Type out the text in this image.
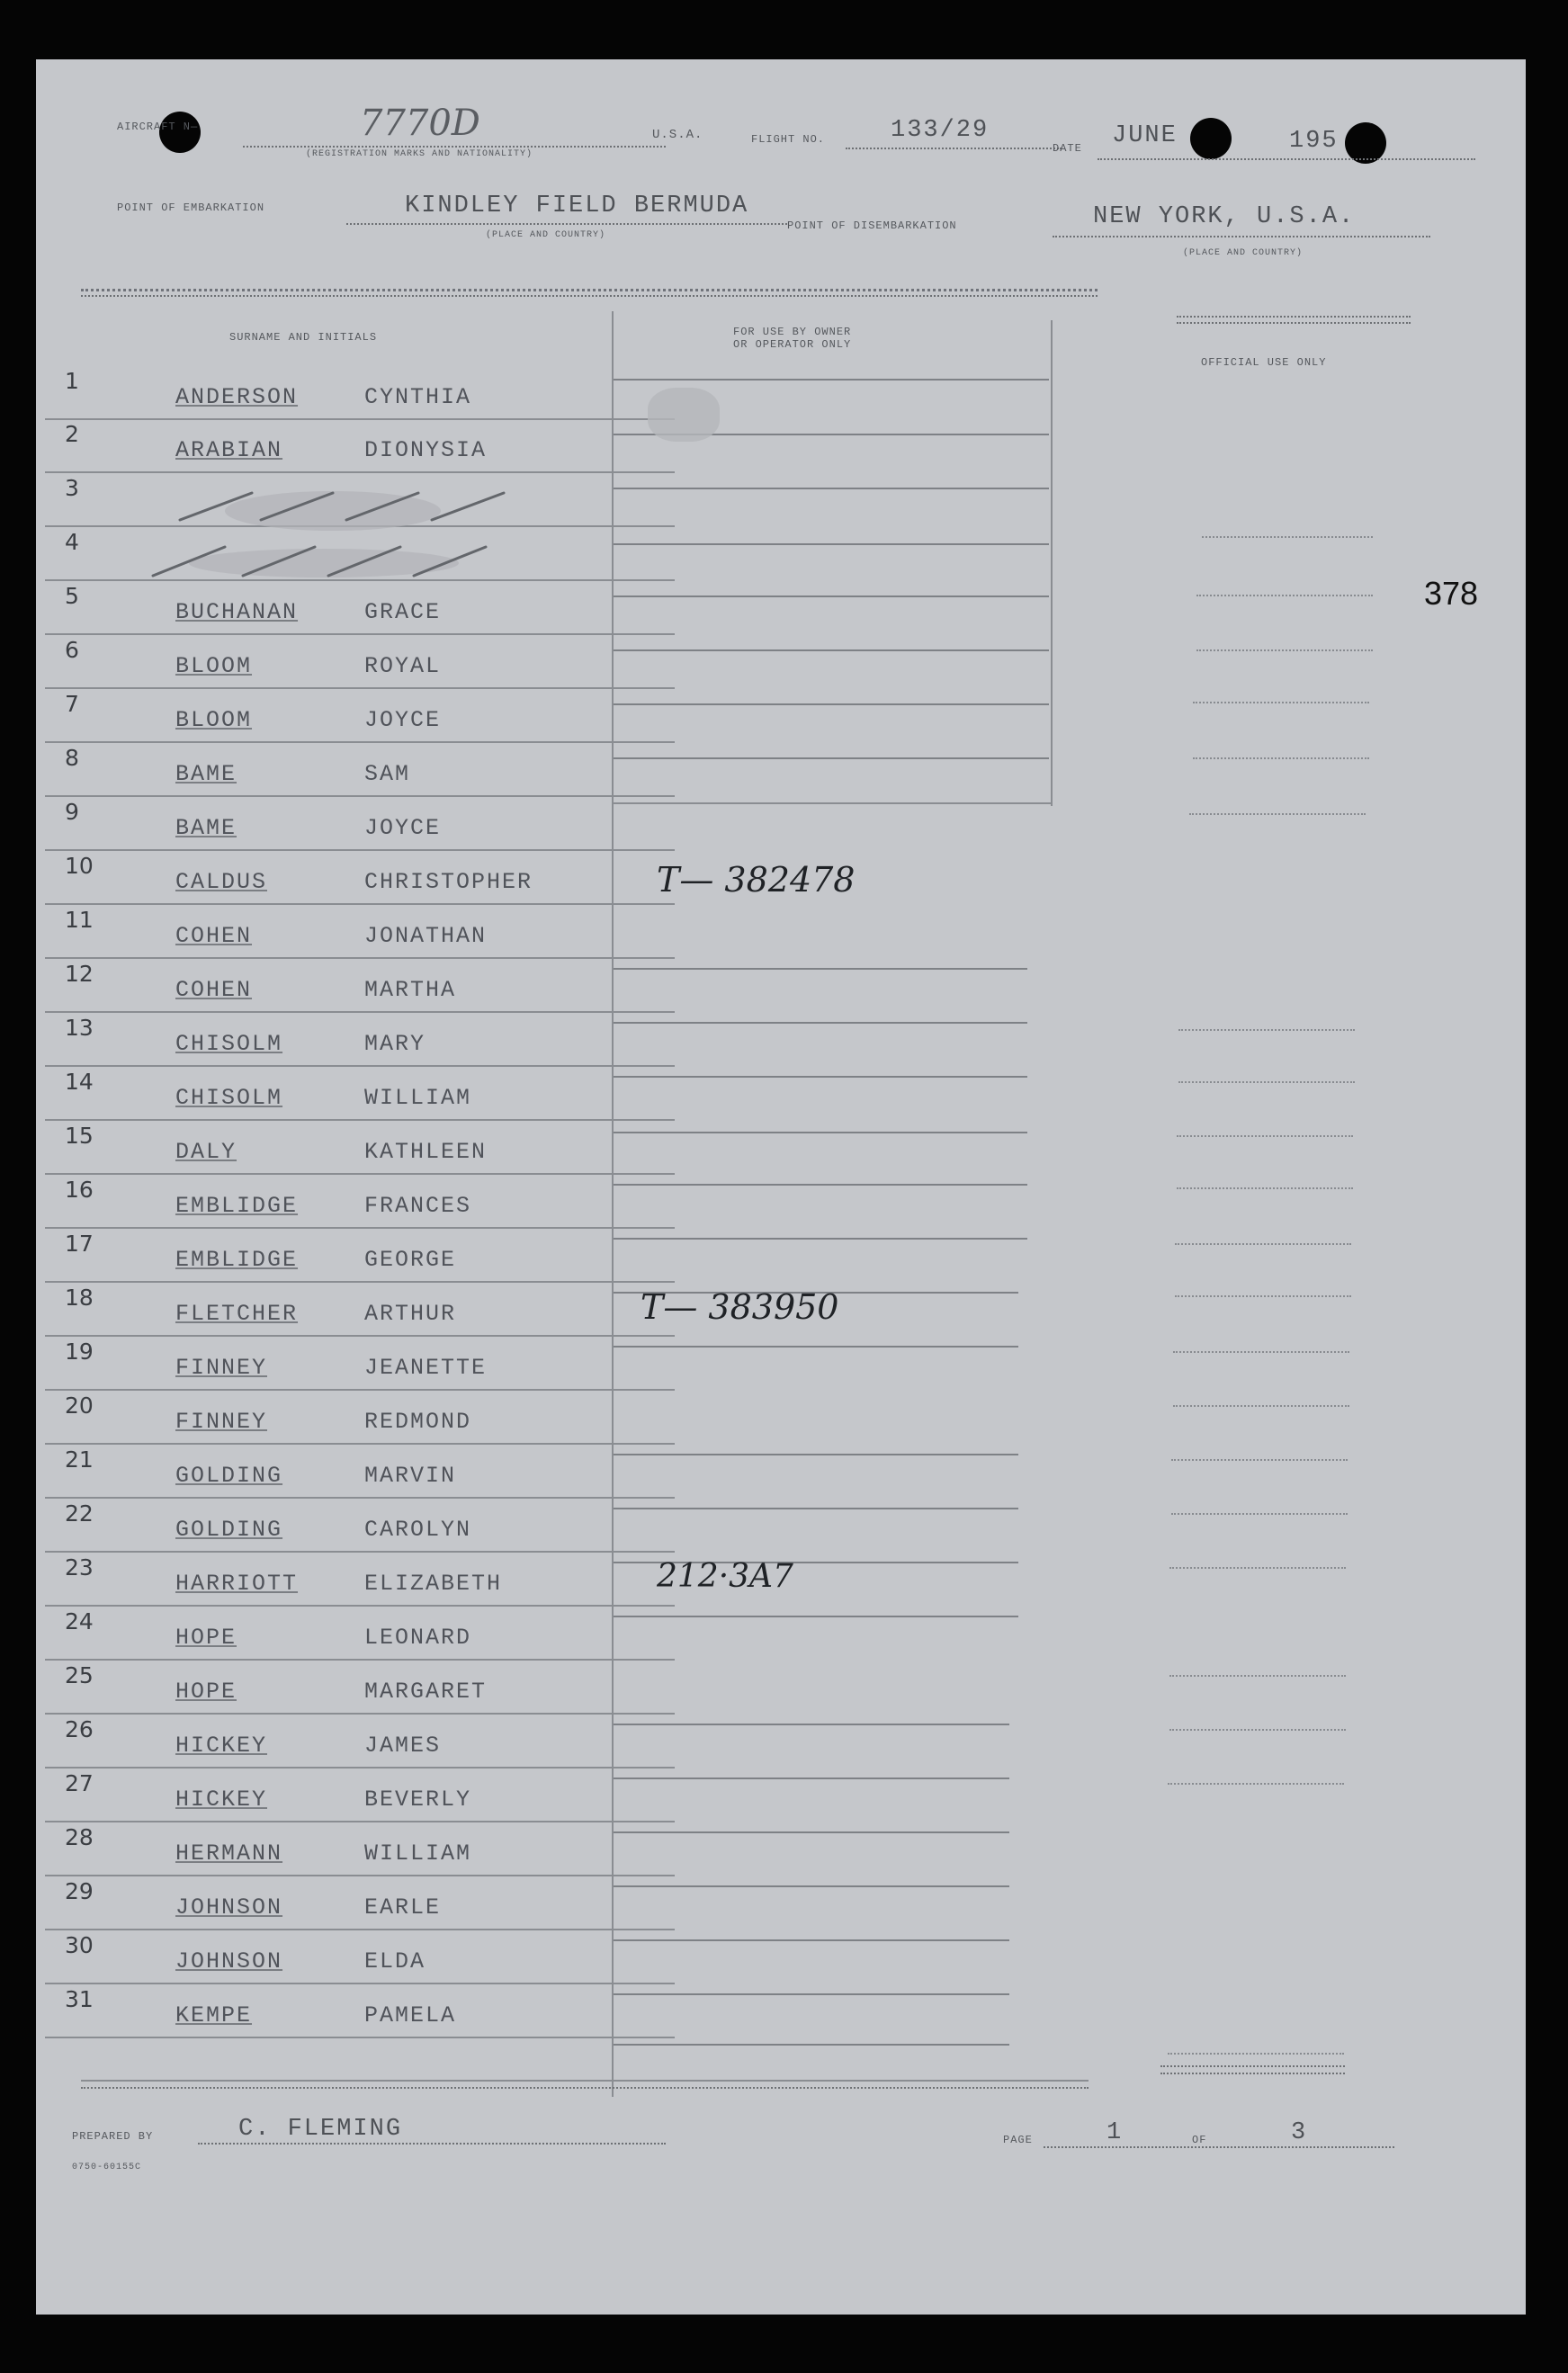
AIRCRAFT N—	7770D
(REGISTRATION MARKS AND NATIONALITY)
U.S.A.	FLIGHT NO.	133/29
DATE JUNE	195
POINT OF EMBARKATION	KINDLEY FIELD BERMUDA
(PLACE AND COUNTRY)
POINT OF DISEMBARKATION	NEW YORK, U.S.A.
(PLACE AND COUNTRY)
SURNAME AND INITIALS	FOR USE BY OWNER
OR OPERATOR ONLY
OFFICIAL USE ONLY
378
1
ANDERSON	CYNTHIA
2
ARABIAN	DIONYSIA
3
4
5
BUCHANAN	GRACE
6
BLOOM	ROYAL
7
BLOOM	JOYCE
8
BAME	SAM
9
BAME	JOYCE
10
CALDUS	CHRISTOPHER
11
COHEN	JONATHAN
12
COHEN	MARTHA
13
CHISOLM	MARY
14
CHISOLM	WILLIAM
15
DALY	KATHLEEN
16
EMBLIDGE	FRANCES
17
EMBLIDGE	GEORGE
18
FLETCHER	ARTHUR
19
FINNEY	JEANETTE
20
FINNEY	REDMOND
21
GOLDING	MARVIN
22
GOLDING	CAROLYN
23
HARRIOTT	ELIZABETH
24
HOPE	LEONARD
25
HOPE	MARGARET
26
HICKEY	JAMES
27
HICKEY	BEVERLY
28
HERMANN	WILLIAM
29
JOHNSON	EARLE
30
JOHNSON	ELDA
31
KEMPE	PAMELA
T— 382478
T— 383950
212·3A7
PREPARED BY	C. FLEMING
0750-60155C
PAGE	1	OF	3
